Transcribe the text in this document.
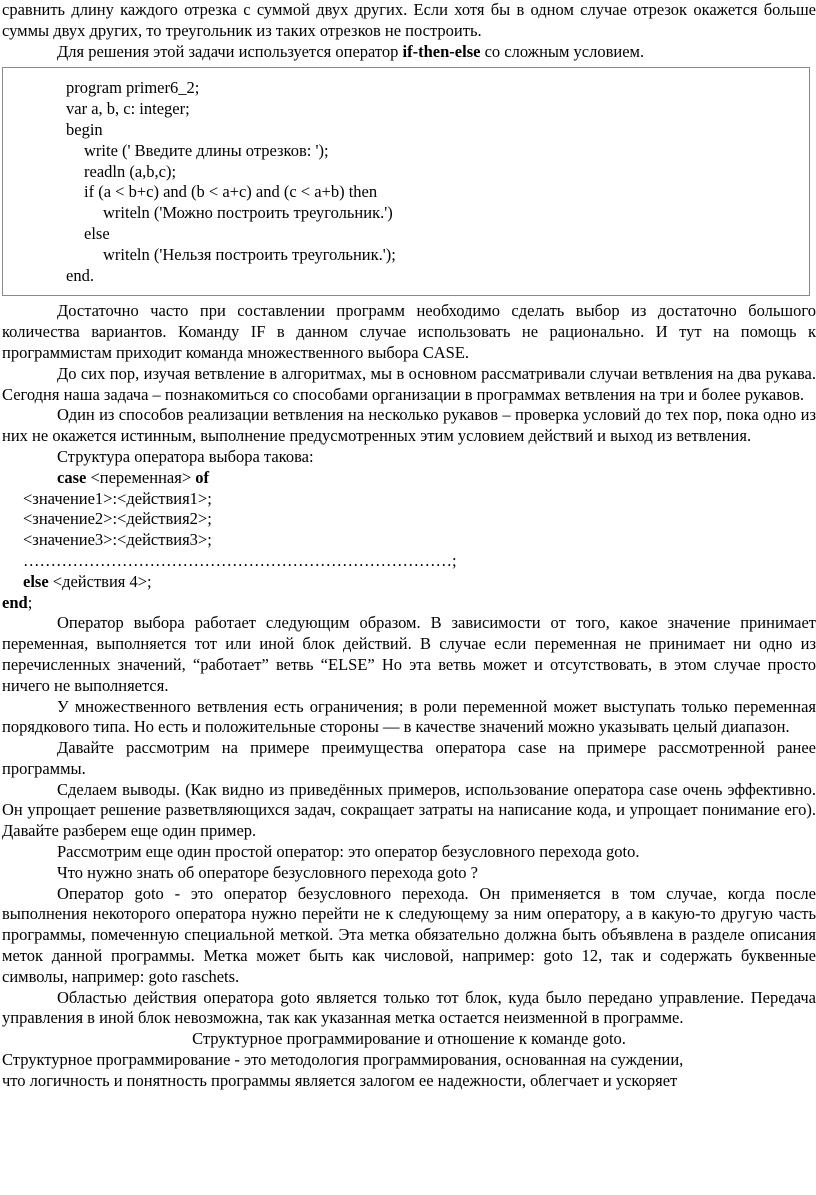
сравнить длину каждого отрезка с суммой двух других. Если хотя бы в одном случае отрезок окажется больше суммы двух других, то треугольник из таких отрезков не построить.

Для решения этой задачи используется оператор if-then-else со сложным условием.

program primer6_2;
var a, b, c: integer;
begin
write (' Введите длины отрезков: ');
readln (a,b,c);
if (a < b+c) and (b < a+c) and (c < a+b) then
writeln ('Можно построить треугольник.')
else
writeln ('Нельзя построить треугольник.');
end.

Достаточно часто при составлении программ необходимо сделать выбор из достаточно большого количества вариантов. Команду IF в данном случае использовать не рационально. И тут на помощь к программистам приходит команда множественного выбора CASE.

До сих пор, изучая ветвление в алгоритмах, мы в основном рассматривали случаи ветвления на два рукава. Сегодня наша задача – познакомиться со способами организации в программах ветвления на три и более рукавов.

Один из способов реализации ветвления на несколько рукавов – проверка условий до тех пор, пока одно из них не окажется истинным, выполнение предусмотренных этим условием действий и выход из ветвления.

Структура оператора выбора такова:

case <переменная> of
<значение1>:<действия1>;
<значение2>:<действия2>;
<значение3>:<действия3>;
……………………………………………………………………;
else <действия 4>;
end;

Оператор выбора работает следующим образом. В зависимости от того, какое значение принимает переменная, выполняется тот или иной блок действий. В случае если переменная не принимает ни одно из перечисленных значений, “работает” ветвь “ELSE” Но эта ветвь может и отсутствовать, в этом случае просто ничего не выполняется.

У множественного ветвления есть ограничения; в роли переменной может выступать только переменная порядкового типа. Но есть и положительные стороны — в качестве значений можно указывать целый диапазон.

Давайте рассмотрим на примере преимущества оператора case на примере рассмотренной ранее программы.

Сделаем выводы. (Как видно из приведённых примеров, использование оператора case очень эффективно. Он упрощает решение разветвляющихся задач, сокращает затраты на написание кода, и упрощает понимание его). Давайте разберем еще один пример.

Рассмотрим еще один простой оператор: это оператор безусловного перехода goto.

Что нужно знать об операторе безусловного перехода goto ?

Оператор goto - это оператор безусловного перехода. Он применяется в том случае, когда после выполнения некоторого оператора нужно перейти не к следующему за ним оператору, а в какую-то другую часть программы, помеченную специальной меткой. Эта метка обязательно должна быть объявлена в разделе описания меток данной программы. Метка может быть как числовой, например: goto 12, так и содержать буквенные символы, например: goto raschets.

Областью действия оператора goto является только тот блок, куда было передано управление. Передача управления в иной блок невозможна, так как указанная метка остается неизменной в программе.

Структурное программирование и отношение к команде goto.

Структурное программирование - это методология программирования, основанная на суждении,

что логичность и понятность программы является залогом ее надежности, облегчает и ускоряет
